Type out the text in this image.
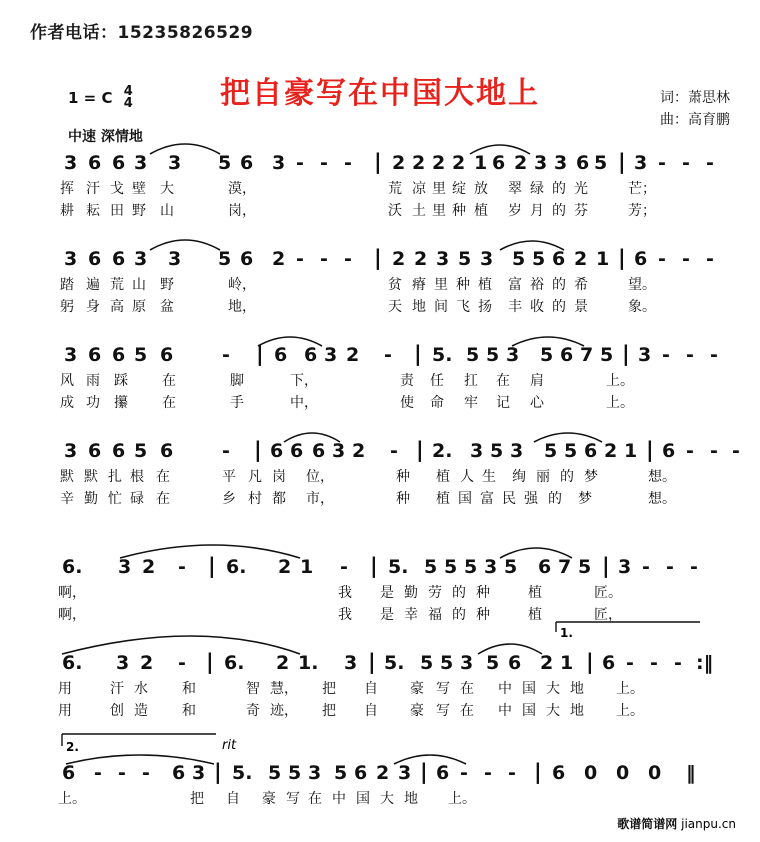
作者电话：15235826529
把自豪写在中国大地上
1 = C 4
4
中速 深情地
词：萧思林
曲：高育鹏
3 6 6 3 3 5 6 3 - - - | 2 2 2 2 1 6 2 3 3 6 5 | 3 - - -
挥 汗 戈 壁 大	漠，	荒 凉 里 绽 放 翠 绿 的 光	芒；
耕 耘 田 野 山	岗，	沃 土 里 种 植 岁 月 的 芬	芳；
3 6 6 3 3 5 6 2 - - - | 2 2 3 5 3 5 5 6 2 1 | 6 - - -
踏 遍 荒 山 野	岭，	贫 瘠 里 种 植 富 裕 的 希	望。
躬 身 高 原 盆	地，	天 地 间 飞 扬 丰 收 的 景	象。
3 6 6 5 6	- | 6 6 3 2 - | 5. 5 5 3 5 6 7 5 | 3 - - -
风 雨 踩 在	脚	下，	责 任 扛 在 肩	上。
成 功 攥 在	手	中，	使 命 牢 记 心	上。
3 6 6 5 6	- | 6 6 6 3 2 - | 2. 3 5 3 5 5 6 2 1 | 6 - - -
默 默 扎 根 在	平 凡 岗 位，	种 植 人 生 绚 丽 的 梦	想。
辛 勤 忙 碌 在	乡 村 都 市，	种 植 国 富 民 强 的 梦	想。
6. 3 2 - | 6. 2 1 - | 5. 5 5 5 3 5 6 7 5 | 3 - - -
啊，	我 是 勤 劳 的 种	植	匠。
啊，	我 是 幸 福 的 种	植	匠，
1.
6. 3 2 - | 6. 2 1. 3 | 5. 5 5 3 5 6 2 1 | 6 - - - :‖
用	汗 水 和	智 慧， 把 自 豪 写 在 中 国 大 地 上。
用	创 造 和	奇 迹， 把 自 豪 写 在 中 国 大 地 上。
2.	rit
6 - - - 6 3 | 5. 5 5 3 5 6 2 3 | 6 - - - | 6 0 0 0 ‖
上。	把 自 豪 写 在 中 国 大 地 上。
歌谱简谱网 jianpu.cn
